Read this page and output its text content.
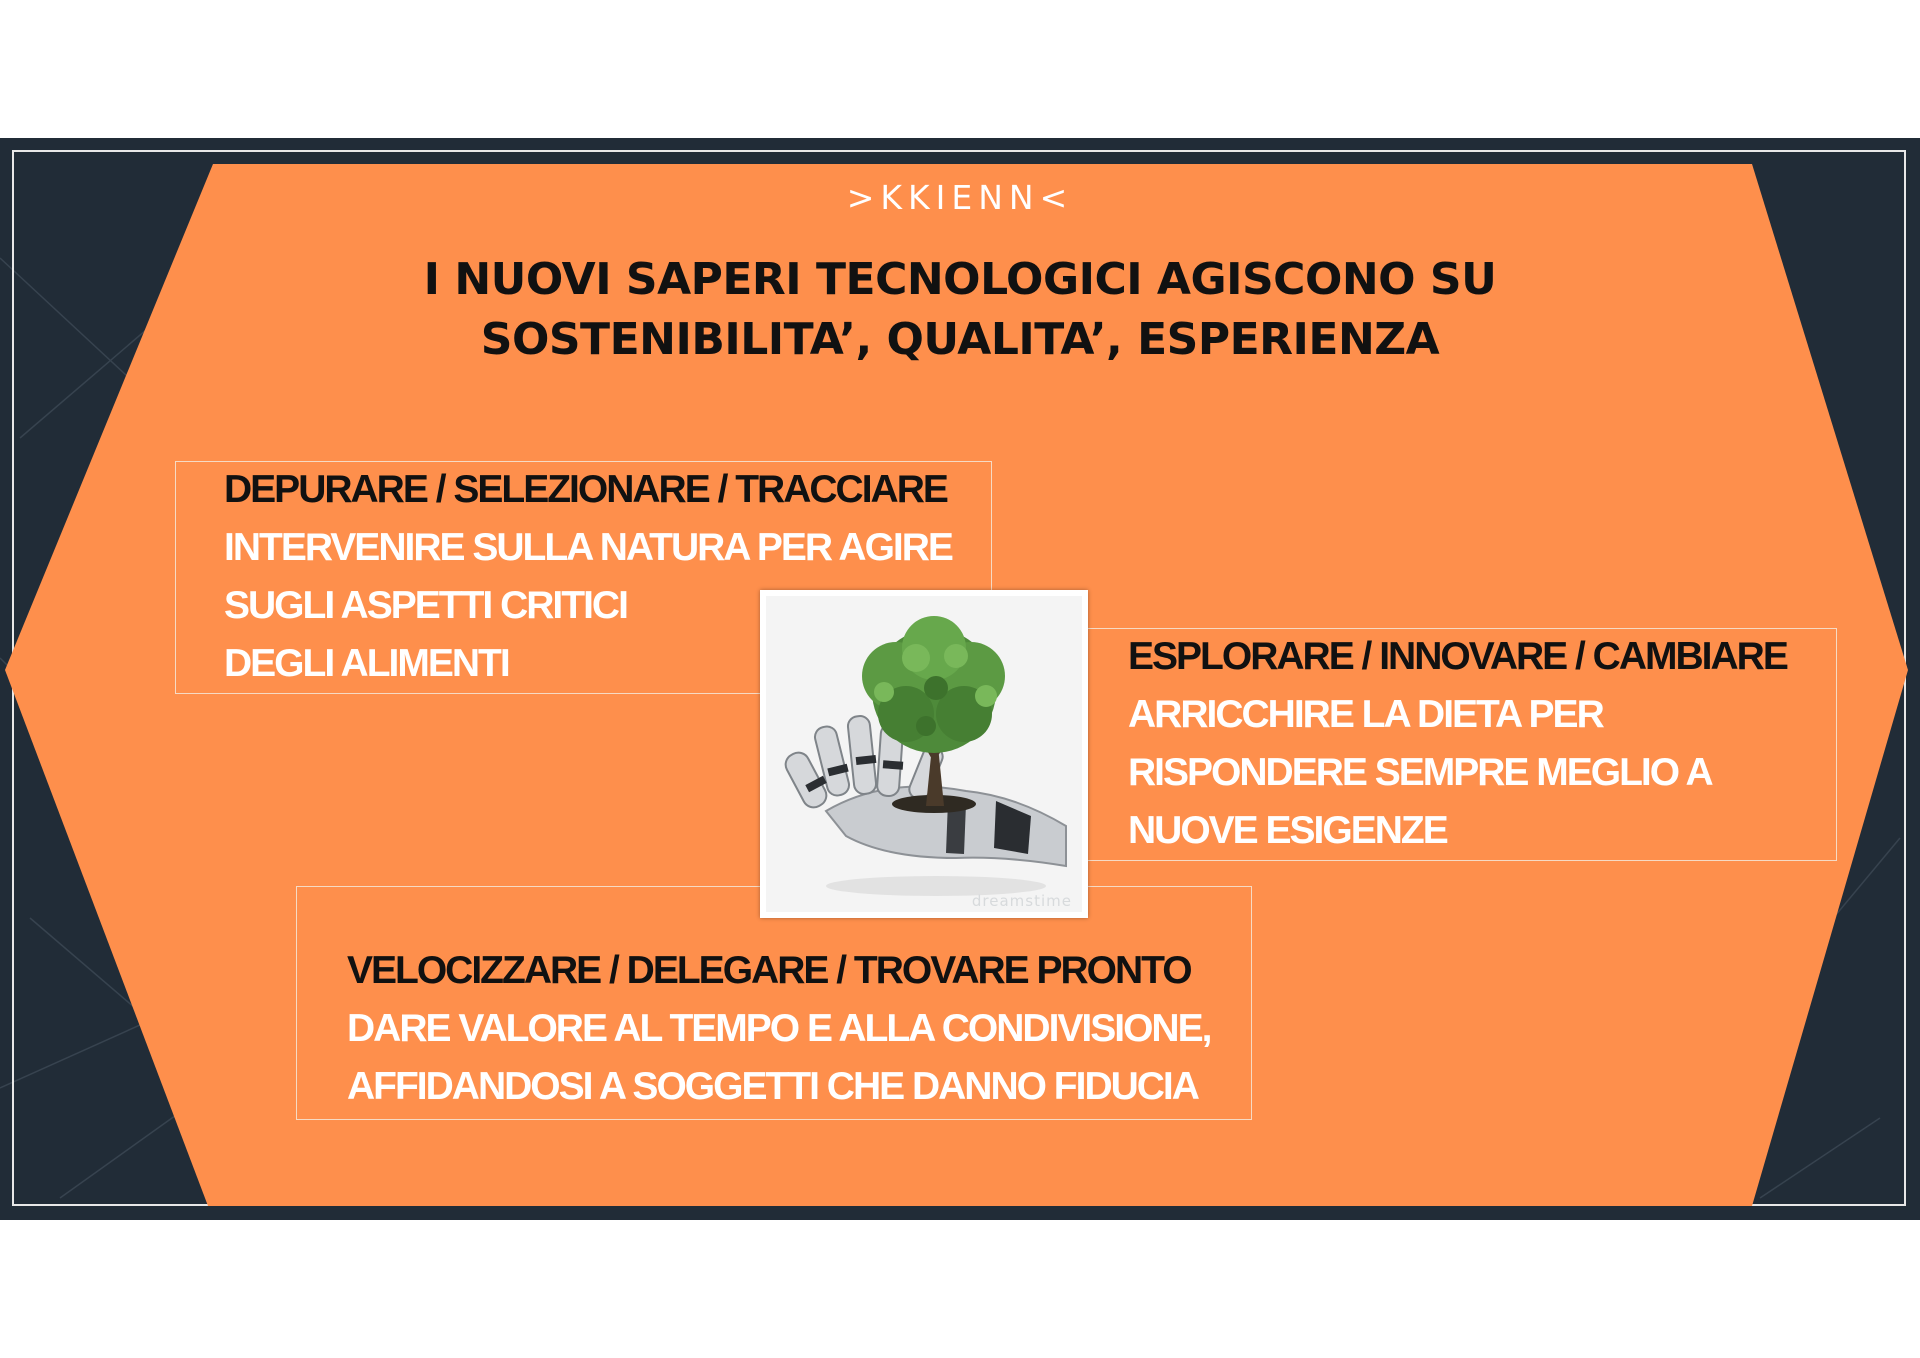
>KKIENN<
I NUOVI SAPERI TECNOLOGICI AGISCONO SU
SOSTENIBILITA’, QUALITA’, ESPERIENZA
DEPURARE / SELEZIONARE / TRACCIARE
INTERVENIRE SULLA NATURA PER AGIRE
SUGLI ASPETTI CRITICI
DEGLI ALIMENTI	ESPLORARE / INNOVARE / CAMBIARE
ARRICCHIRE LA DIETA PER
RISPONDERE SEMPRE MEGLIO A
NUOVE ESIGENZE
VELOCIZZARE / DELEGARE / TROVARE PRONTO
DARE VALORE AL TEMPO E ALLA CONDIVISIONE,
AFFIDANDOSI A SOGGETTI CHE DANNO FIDUCIA
dreamstime
